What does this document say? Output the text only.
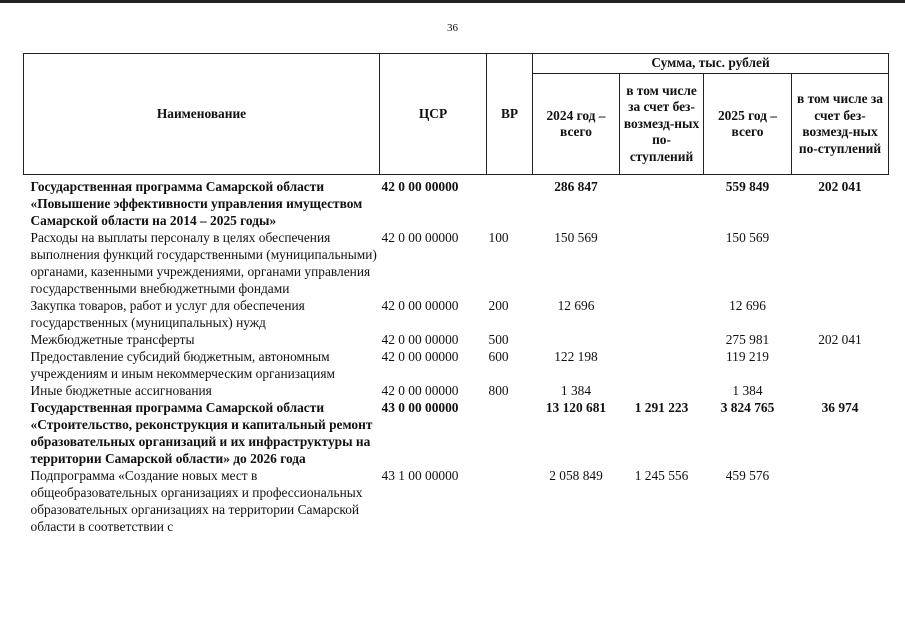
36
Наименование	ЦСР	ВР	Сумма, тыс. рублей			
			2024 год – всего	в том числе за счет без-возмезд-ных по-ступлений	2025 год – всего	в том числе за счет без-возмезд-ных по-ступлений
Государственная программа Самарской области «Повышение эффективности управления имуществом Самарской области на 2014 – 2025 годы»	42 0 00 00000		286 847		559 849	202 041
Расходы на выплаты персоналу в целях обеспечения выполнения функций государственными (муниципальными) органами, казенными учреждениями, органами управления государственными внебюджетными фондами	42 0 00 00000	100	150 569		150 569	
Закупка товаров, работ и услуг для обеспечения государственных (муниципальных) нужд	42 0 00 00000	200	12 696		12 696	
Межбюджетные трансферты	42 0 00 00000	500			275 981	202 041
Предоставление субсидий бюджетным, автономным учреждениям и иным некоммерческим организациям	42 0 00 00000	600	122 198		119 219	
Иные бюджетные ассигнования	42 0 00 00000	800	1 384		1 384	
Государственная программа Самарской области «Строительство, реконструкция и капитальный ремонт образовательных организаций и их инфраструктуры на территории Самарской области» до 2026 года	43 0 00 00000		13 120 681	1 291 223	3 824 765	36 974
Подпрограмма «Создание новых мест в общеобразовательных организациях и профессиональных образовательных организациях на территории Самарской области в соответствии с	43 1 00 00000		2 058 849	1 245 556	459 576	
